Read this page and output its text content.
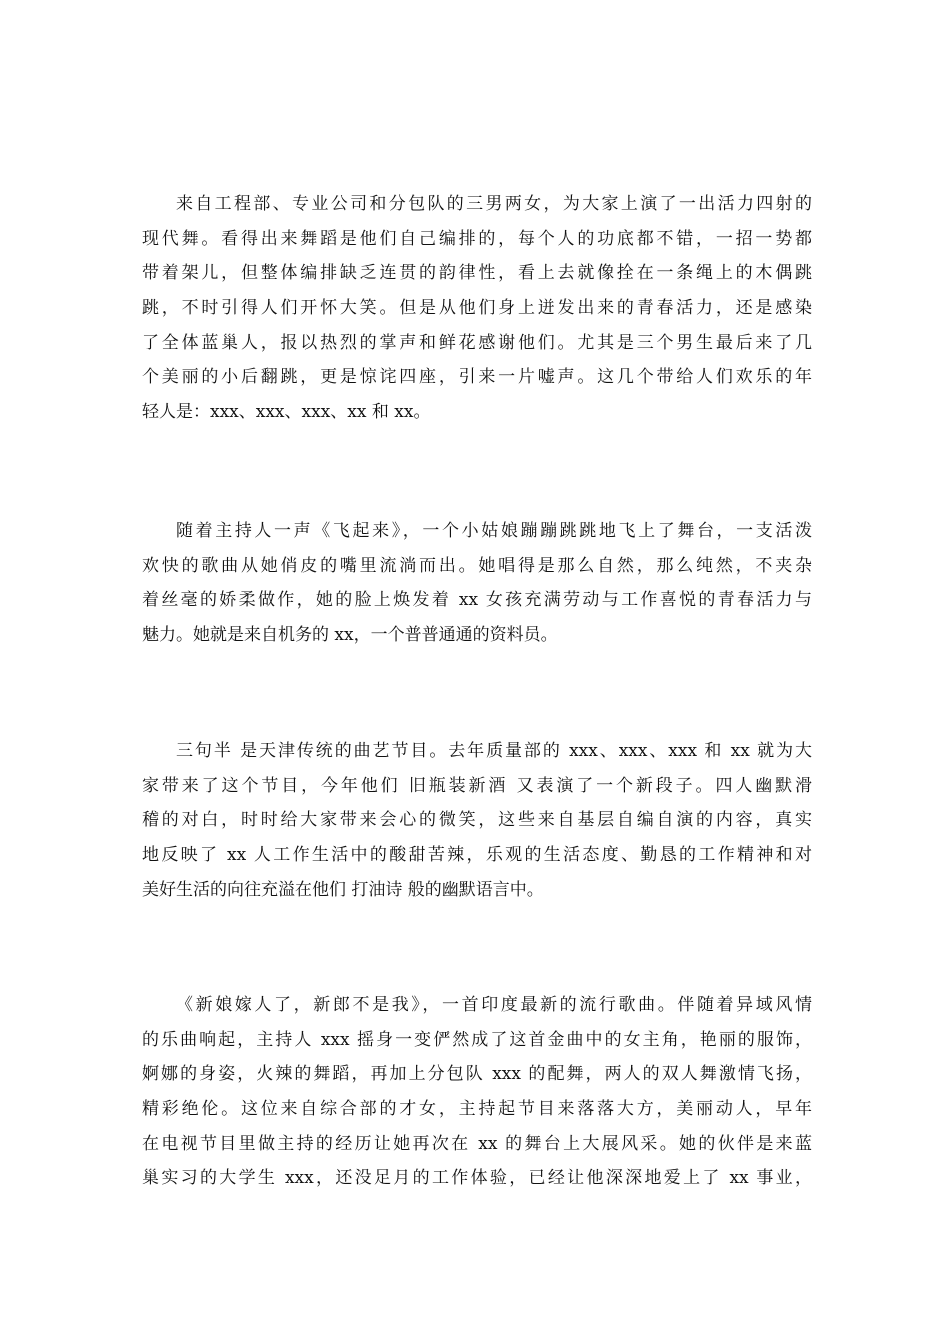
来自工程部、专业公司和分包队的三男两女，为大家上演了一出活力四射的
现代舞。看得出来舞蹈是他们自己编排的，每个人的功底都不错，一招一势都
带着架儿，但整体编排缺乏连贯的韵律性，看上去就像拴在一条绳上的木偶跳
跳，不时引得人们开怀大笑。但是从他们身上迸发出来的青春活力，还是感染
了全体蓝巢人，报以热烈的掌声和鲜花感谢他们。尤其是三个男生最后来了几
个美丽的小后翻跳，更是惊诧四座，引来一片嘘声。这几个带给人们欢乐的年
轻人是：xxx、xxx、xxx、xx 和 xx。

随着主持人一声《飞起来》，一个小姑娘蹦蹦跳跳地飞上了舞台，一支活泼
欢快的歌曲从她俏皮的嘴里流淌而出。她唱得是那么自然，那么纯然，不夹杂
着丝毫的娇柔做作，她的脸上焕发着 xx 女孩充满劳动与工作喜悦的青春活力与
魅力。她就是来自机务的 xx，一个普普通通的资料员。

三句半 是天津传统的曲艺节目。去年质量部的 xxx、xxx、xxx 和 xx 就为大
家带来了这个节目，今年他们 旧瓶装新酒 又表演了一个新段子。四人幽默滑
稽的对白，时时给大家带来会心的微笑，这些来自基层自编自演的内容，真实
地反映了 xx 人工作生活中的酸甜苦辣，乐观的生活态度、勤恳的工作精神和对
美好生活的向往充溢在他们 打油诗 般的幽默语言中。

《新娘嫁人了，新郎不是我》，一首印度最新的流行歌曲。伴随着异域风情
的乐曲响起，主持人 xxx 摇身一变俨然成了这首金曲中的女主角，艳丽的服饰，
婀娜的身姿，火辣的舞蹈，再加上分包队 xxx 的配舞，两人的双人舞激情飞扬，
精彩绝伦。这位来自综合部的才女，主持起节目来落落大方，美丽动人，早年
在电视节目里做主持的经历让她再次在 xx 的舞台上大展风采。她的伙伴是来蓝
巢实习的大学生 xxx，还没足月的工作体验，已经让他深深地爱上了 xx 事业，
